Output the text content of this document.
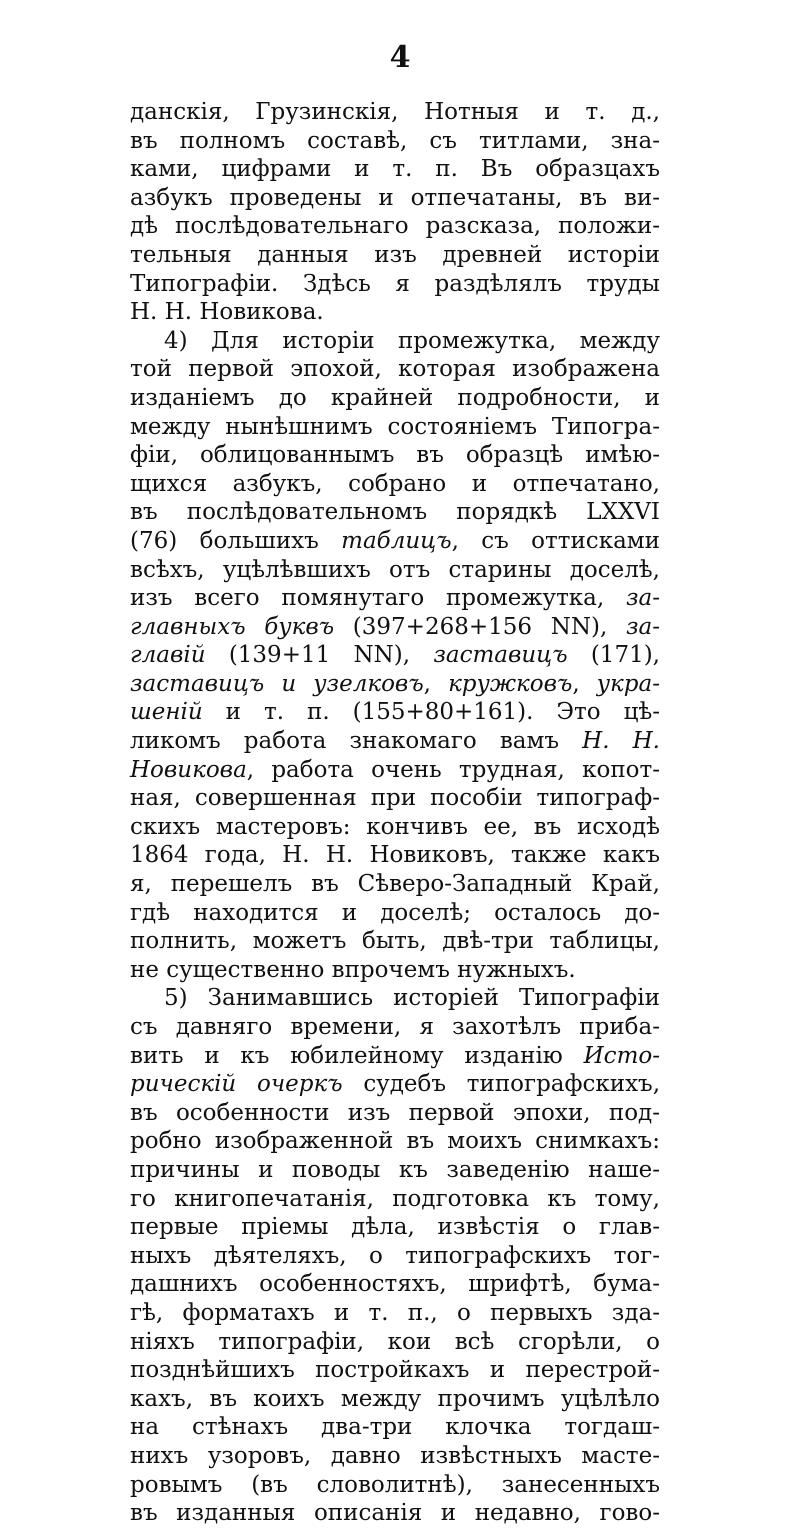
4
данскія, Грузинскія, Нотныя и т. д.,
въ полномъ составѣ, съ титлами, зна-
ками, цифрами и т. п. Въ образцахъ
азбукъ проведены и отпечатаны, въ ви-
дѣ послѣдовательнаго разсказа, положи-
тельныя данныя изъ древней исторіи
Типографіи. Здѣсь я раздѣлялъ труды
Н. Н. Новикова.
4) Для исторіи промежутка, между
той первой эпохой, которая изображена
изданіемъ до крайней подробности, и
между нынѣшнимъ состояніемъ Типогра-
фіи, облицованнымъ въ образцѣ имѣю-
щихся азбукъ, собрано и отпечатано,
въ послѣдовательномъ порядкѣ LXXVI
(76) большихъ таблицъ, съ оттисками
всѣхъ, уцѣлѣвшихъ отъ старины доселѣ,
изъ всего помянутаго промежутка, за-
главныхъ буквъ (397+268+156 NN), за-
главій (139+11 NN), заставицъ (171),
заставицъ и узелковъ, кружковъ, укра-
шеній и т. п. (155+80+161). Это цѣ-
ликомъ работа знакомаго вамъ Н. Н.
Новикова, работа очень трудная, копот-
ная, совершенная при пособіи типограф-
скихъ мастеровъ: кончивъ ее, въ исходѣ
1864 года, Н. Н. Новиковъ, также какъ
я, перешелъ въ Сѣверо-Западный Край,
гдѣ находится и доселѣ; осталось до-
полнить, можетъ быть, двѣ-три таблицы,
не существенно впрочемъ нужныхъ.
5) Занимавшись исторіей Типографіи
съ давняго времени, я захотѣлъ приба-
вить и къ юбилейному изданію Исто-
рическій очеркъ судебъ типографскихъ,
въ особенности изъ первой эпохи, под-
робно изображенной въ моихъ снимкахъ:
причины и поводы къ заведенію наше-
го книгопечатанія, подготовка къ тому,
первые пріемы дѣла, извѣстія о глав-
ныхъ дѣятеляхъ, о типографскихъ тог-
дашнихъ особенностяхъ, шрифтѣ, бума-
гѣ, форматахъ и т. п., о первыхъ зда-
ніяхъ типографіи, кои всѣ сгорѣли, о
позднѣйшихъ постройкахъ и перестрой-
кахъ, въ коихъ между прочимъ уцѣлѣло
на стѣнахъ два-три клочка тогдаш-
нихъ узоровъ, давно извѣстныхъ масте-
ровымъ (въ словолитнѣ), занесенныхъ
въ изданныя описанія и недавно, гово-
